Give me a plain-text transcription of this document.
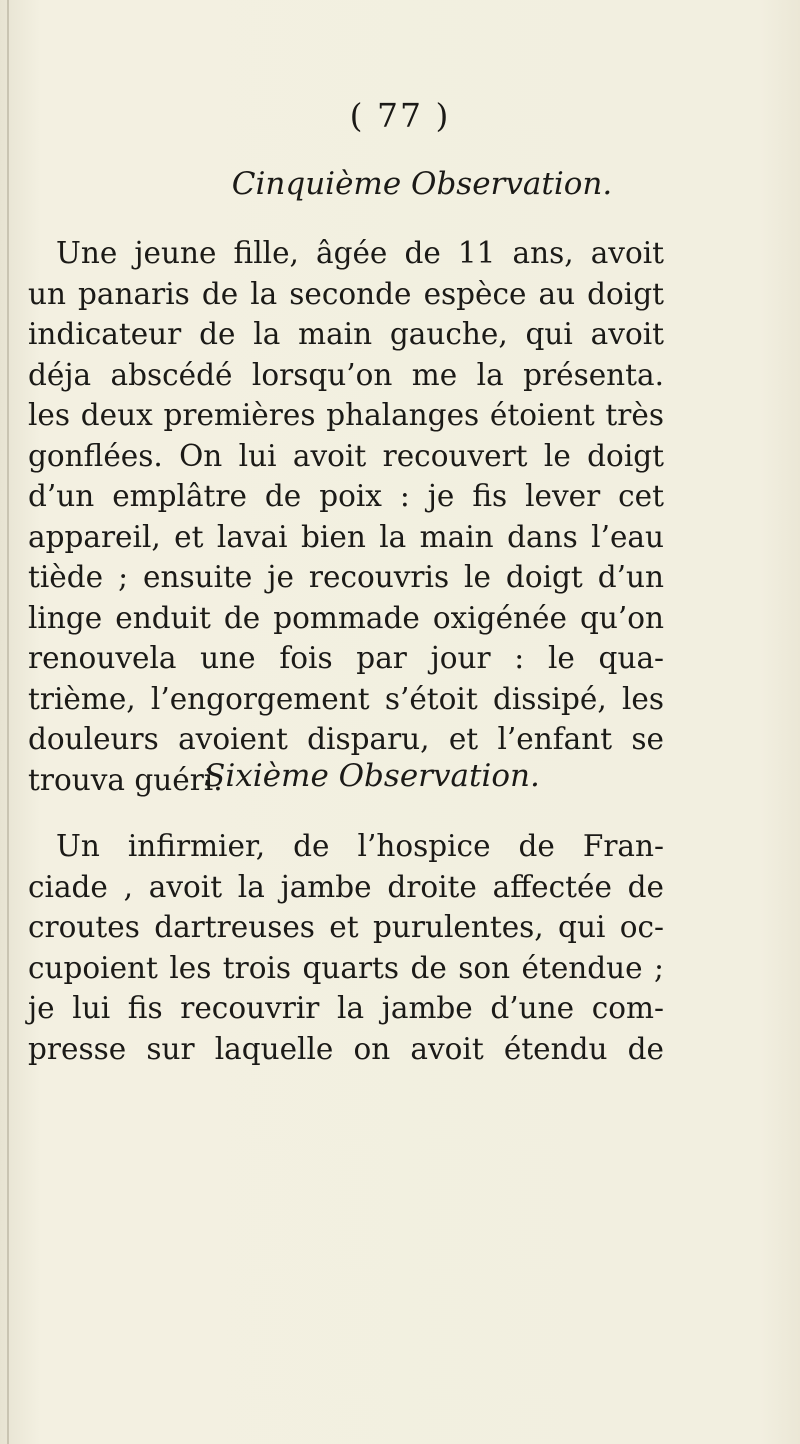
( 77 )
Cinquième Observation.
Une jeune fille, âgée de 11 ans, avoit
un panaris de la seconde espèce au doigt
indicateur de la main gauche, qui avoit
déja abscédé lorsqu’on me la présenta.
les deux premières phalanges étoient très
gonflées. On lui avoit recouvert le doigt
d’un emplâtre de poix : je fis lever cet
appareil, et lavai bien la main dans l’eau
tiède ; ensuite je recouvris le doigt d’un
linge enduit de pommade oxigénée qu’on
renouvela une fois par jour : le qua-
trième, l’engorgement s’étoit dissipé, les
douleurs avoient disparu, et l’enfant se
trouva guéri.
Sixième Observation.
Un infirmier, de l’hospice de Fran-
ciade , avoit la jambe droite affectée de
croutes dartreuses et purulentes, qui oc-
cupoient les trois quarts de son étendue ;
je lui fis recouvrir la jambe d’une com-
presse sur laquelle on avoit étendu de
